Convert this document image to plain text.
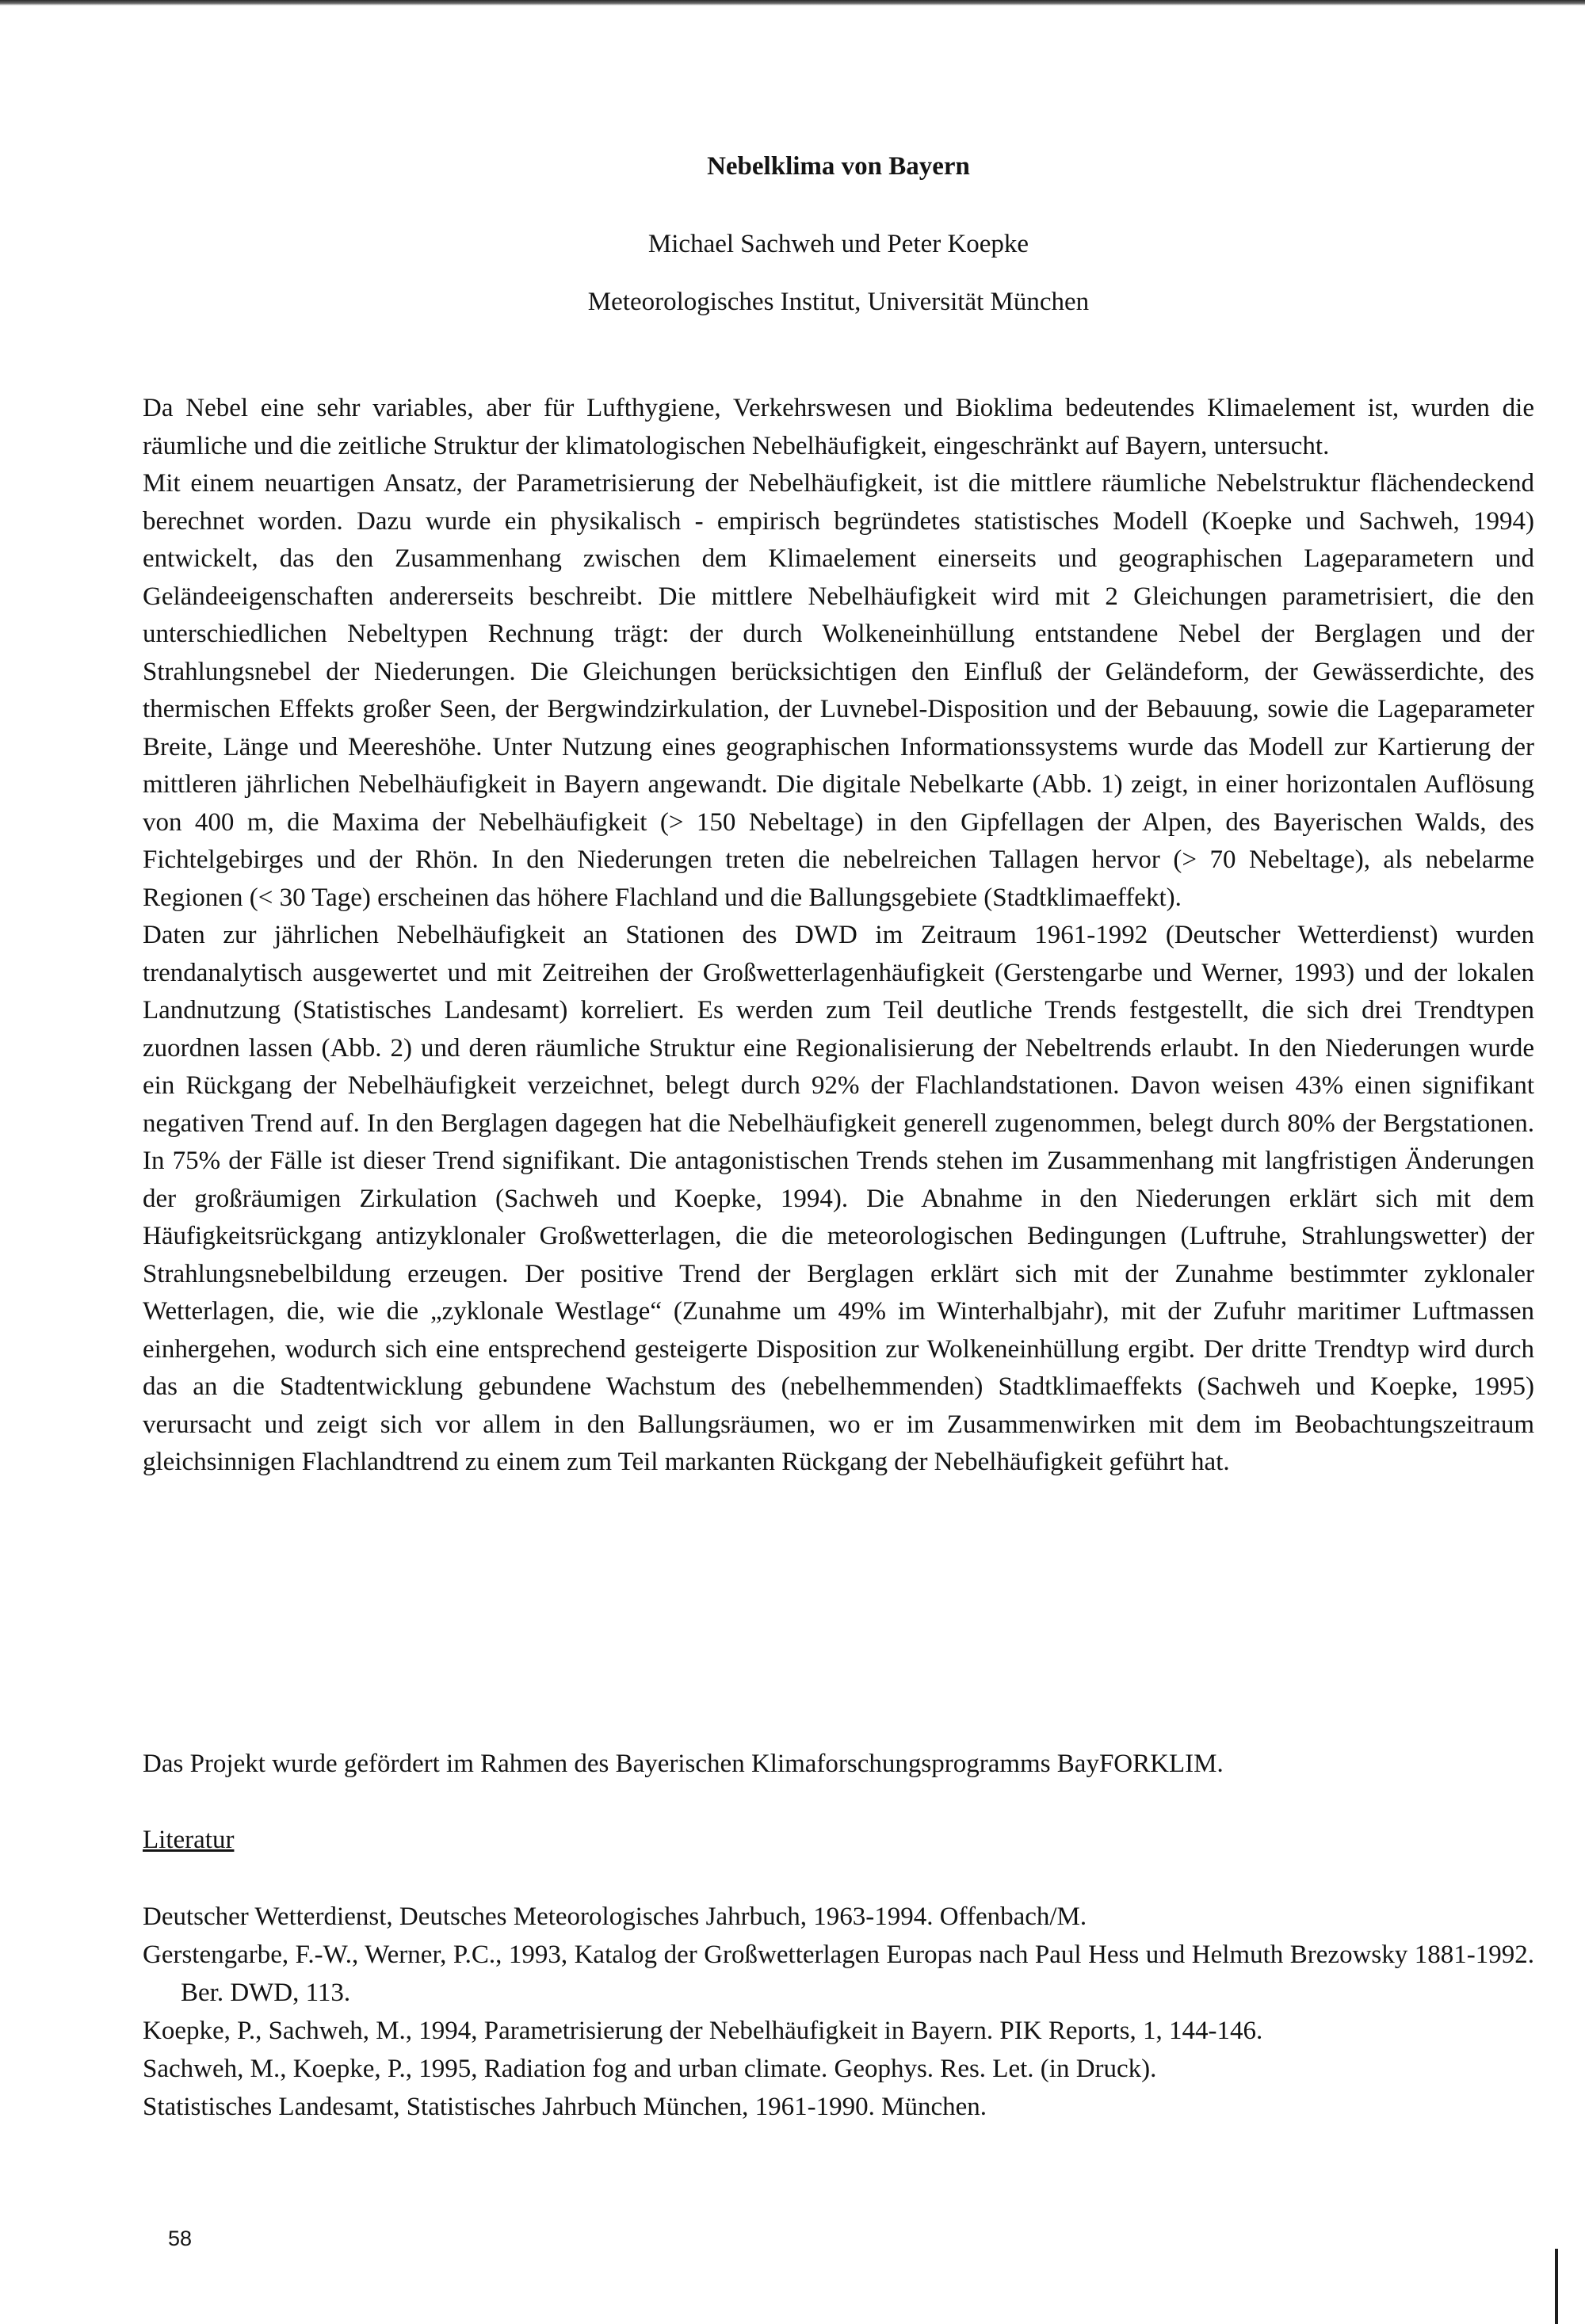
Nebelklima von Bayern
Michael Sachweh und Peter Koepke
Meteorologisches Institut, Universität München

Da Nebel eine sehr variables, aber für Lufthygiene, Verkehrswesen und Bioklima bedeutendes Klimaelement ist, wurden die räumliche und die zeitliche Struktur der klimatologischen Nebelhäufigkeit, eingeschränkt auf Bayern, untersucht.

Mit einem neuartigen Ansatz, der Parametrisierung der Nebelhäufigkeit, ist die mittlere räumliche Nebelstruktur flächendeckend berechnet worden. Dazu wurde ein physikalisch - empirisch begründetes statistisches Modell (Koepke und Sachweh, 1994) entwickelt, das den Zusammenhang zwischen dem Klimaelement einerseits und geographischen Lageparametern und Geländeeigenschaften andererseits beschreibt. Die mittlere Nebelhäufigkeit wird mit 2 Gleichungen parametrisiert, die den unterschiedlichen Nebeltypen Rechnung trägt: der durch Wolkeneinhüllung entstandene Nebel der Berglagen und der Strahlungsnebel der Niederungen. Die Gleichungen berücksichtigen den Einfluß der Geländeform, der Gewässerdichte, des thermischen Effekts großer Seen, der Bergwindzirkulation, der Luvnebel-Disposition und der Bebauung, sowie die Lageparameter Breite, Länge und Meereshöhe. Unter Nutzung eines geographischen Informationssystems wurde das Modell zur Kartierung der mittleren jährlichen Nebelhäufigkeit in Bayern angewandt. Die digitale Nebelkarte (Abb. 1) zeigt, in einer horizontalen Auflösung von 400 m, die Maxima der Nebelhäufigkeit (> 150 Nebeltage) in den Gipfellagen der Alpen, des Bayerischen Walds, des Fichtelgebirges und der Rhön. In den Niederungen treten die nebelreichen Tallagen hervor (> 70 Nebeltage), als nebelarme Regionen (< 30 Tage) erscheinen das höhere Flachland und die Ballungsgebiete (Stadtklimaeffekt).

Daten zur jährlichen Nebelhäufigkeit an Stationen des DWD im Zeitraum 1961-1992 (Deutscher Wetterdienst) wurden trendanalytisch ausgewertet und mit Zeitreihen der Großwetterlagenhäufigkeit (Gerstengarbe und Werner, 1993) und der lokalen Landnutzung (Statistisches Landesamt) korreliert. Es werden zum Teil deutliche Trends festgestellt, die sich drei Trendtypen zuordnen lassen (Abb. 2) und deren räumliche Struktur eine Regionalisierung der Nebeltrends erlaubt. In den Niederungen wurde ein Rückgang der Nebelhäufigkeit verzeichnet, belegt durch 92% der Flachlandstationen. Davon weisen 43% einen signifikant negativen Trend auf. In den Berglagen dagegen hat die Nebelhäufigkeit generell zugenommen, belegt durch 80% der Bergstationen. In 75% der Fälle ist dieser Trend signifikant. Die antagonistischen Trends stehen im Zusammenhang mit langfristigen Änderungen der großräumigen Zirkulation (Sachweh und Koepke, 1994). Die Abnahme in den Niederungen erklärt sich mit dem Häufigkeitsrückgang antizyklonaler Großwetterlagen, die die meteorologischen Bedingungen (Luftruhe, Strahlungswetter) der Strahlungsnebelbildung erzeugen. Der positive Trend der Berglagen erklärt sich mit der Zunahme bestimmter zyklonaler Wetterlagen, die, wie die „zyklonale Westlage“ (Zunahme um 49% im Winterhalbjahr), mit der Zufuhr maritimer Luftmassen einhergehen, wodurch sich eine entsprechend gesteigerte Disposition zur Wolkeneinhüllung ergibt. Der dritte Trendtyp wird durch das an die Stadtentwicklung gebundene Wachstum des (nebelhemmenden) Stadtklimaeffekts (Sachweh und Koepke, 1995) verursacht und zeigt sich vor allem in den Ballungsräumen, wo er im Zusammenwirken mit dem im Beobachtungszeitraum gleichsinnigen Flachlandtrend zu einem zum Teil markanten Rückgang der Nebelhäufigkeit geführt hat.

Das Projekt wurde gefördert im Rahmen des Bayerischen Klimaforschungsprogramms BayFORKLIM.
Literatur
Deutscher Wetterdienst, Deutsches Meteorologisches Jahrbuch, 1963-1994. Offenbach/M.
Gerstengarbe, F.-W., Werner, P.C., 1993, Katalog der Großwetterlagen Europas nach Paul Hess und Helmuth Brezowsky 1881-1992. Ber. DWD, 113.
Koepke, P., Sachweh, M., 1994, Parametrisierung der Nebelhäufigkeit in Bayern. PIK Reports, 1, 144-146.
Sachweh, M., Koepke, P., 1995, Radiation fog and urban climate. Geophys. Res. Let. (in Druck).
Statistisches Landesamt, Statistisches Jahrbuch München, 1961-1990. München.
58
